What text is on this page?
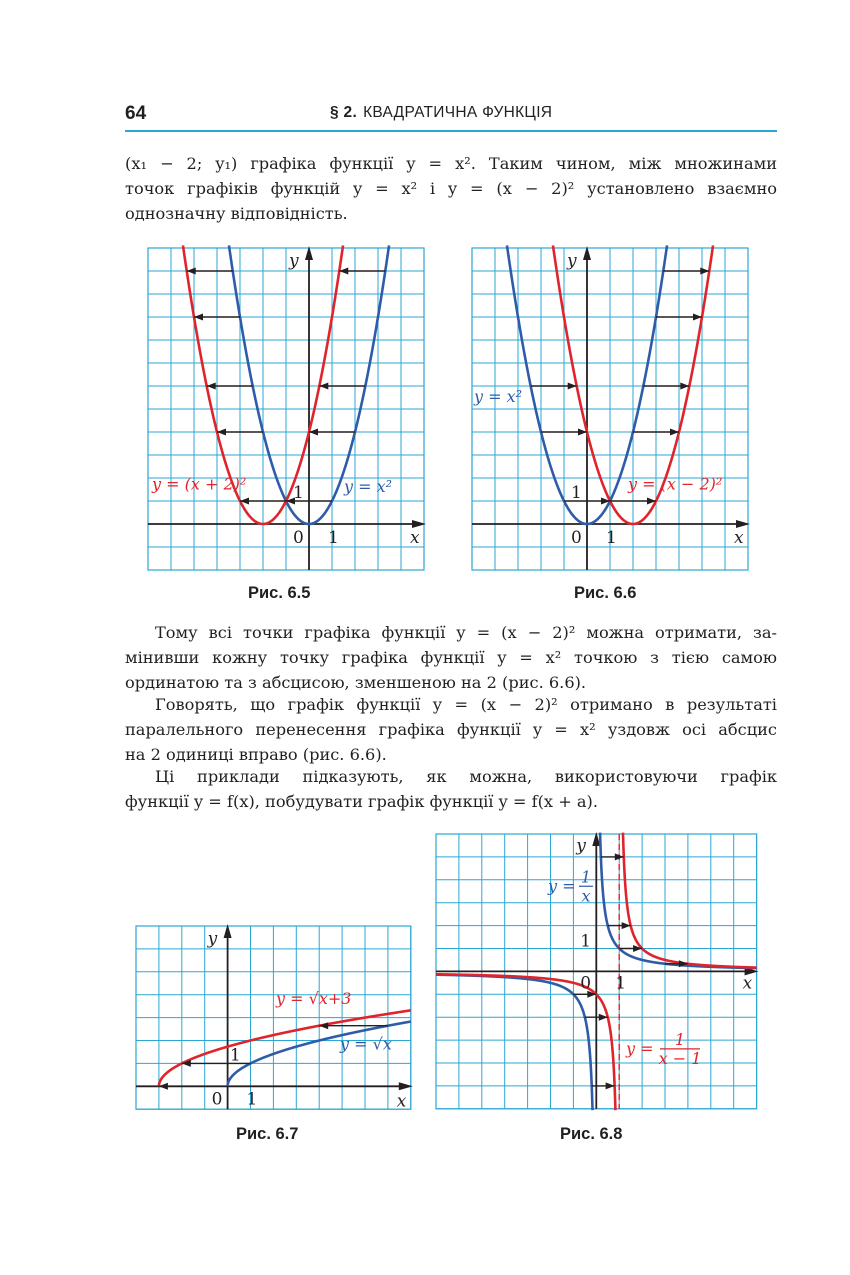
64	§ 2. КВАДРАТИЧНА ФУНКЦІЯ
(x₁ − 2; y₁) графіка функції y = x². Таким чином, між множинами
точок графіків функцій y = x² і y = (x − 2)² установлено взаємно
однозначну відповідність.
0 1
1
x
y
y = x²
y = (x + 2)²
Рис. 6.5
0 1
1
x
y
y = x²
y = (x − 2)²
Рис. 6.6
Тому всі точки графіка функції y = (x − 2)² можна отримати, за-
мінивши кожну точку графіка функції y = x² точкою з тією самою
ординатою та з абсцисою, зменшеною на 2 (рис. 6.6).
Говорять, що графік функції y = (x − 2)² отримано в результаті
паралельного перенесення графіка функції y = x² уздовж осі абсцис
на 2 одиниці вправо (рис. 6.6).
Ці приклади підказують, як можна, використовуючи графік
функції y = f(x), побудувати графік функції y = f(x + a).
0 1
1
x
y
y = √x
y = √x+3
Рис. 6.7
0 1
1
x
y
y = 1
x
y = 1
x − 1
Рис. 6.8
